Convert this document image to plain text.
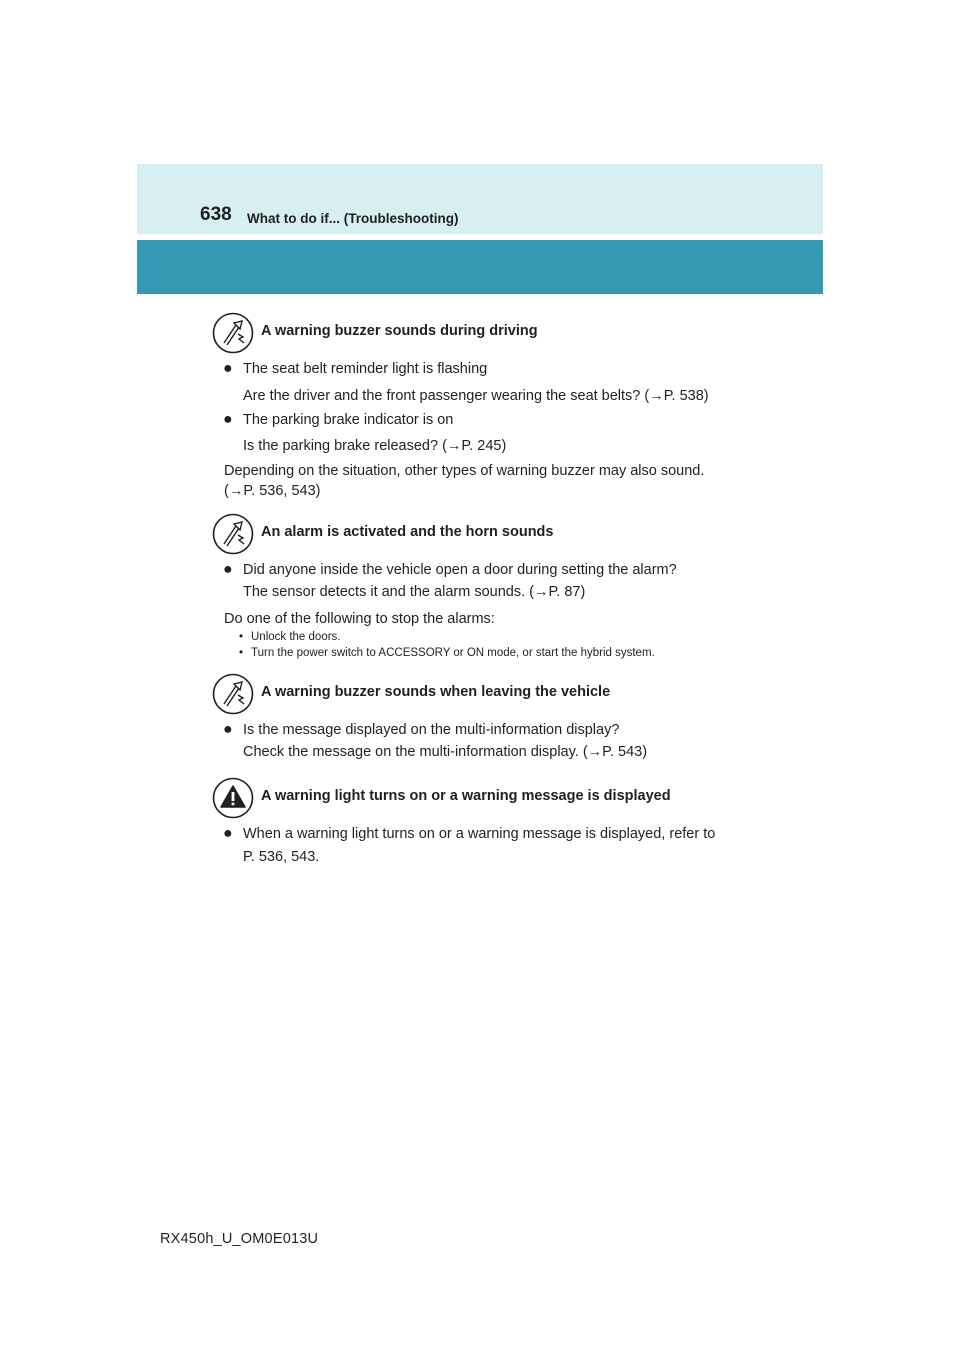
638 What to do if... (Troubleshooting)
A warning buzzer sounds during driving
● The seat belt reminder light is flashing
Are the driver and the front passenger wearing the seat belts? (→P. 538)
● The parking brake indicator is on
Is the parking brake released? (→P. 245)
Depending on the situation, other types of warning buzzer may also sound.
(→P. 536, 543)
An alarm is activated and the horn sounds
● Did anyone inside the vehicle open a door during setting the alarm?
The sensor detects it and the alarm sounds. (→P. 87)
Do one of the following to stop the alarms:
• Unlock the doors.
• Turn the power switch to ACCESSORY or ON mode, or start the hybrid system.
A warning buzzer sounds when leaving the vehicle
● Is the message displayed on the multi-information display?
Check the message on the multi-information display. (→P. 543)
A warning light turns on or a warning message is displayed
● When a warning light turns on or a warning message is displayed, refer to
P. 536, 543.
RX450h_U_OM0E013U
